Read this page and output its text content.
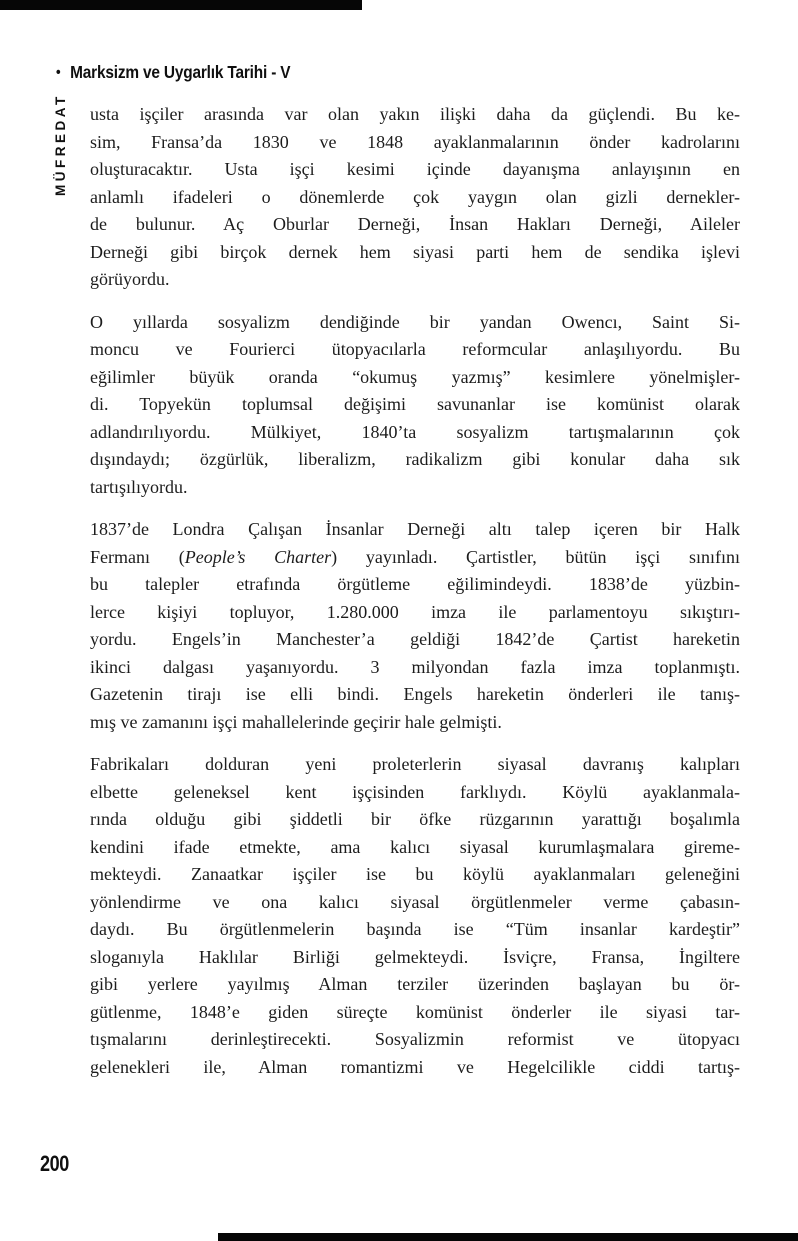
• Marksizm ve Uygarlık Tarihi - V
MÜFREDAT usta işçiler arasında var olan yakın ilişki daha da güçlendi. Bu ke-
sim, Fransa’da 1830 ve 1848 ayaklanmalarının önder kadrolarını
oluşturacaktır. Usta işçi kesimi içinde dayanışma anlayışının en
anlamlı ifadeleri o dönemlerde çok yaygın olan gizli dernekler-
de bulunur. Aç Oburlar Derneği, İnsan Hakları Derneği, Aileler
Derneği gibi birçok dernek hem siyasi parti hem de sendika işlevi
görüyordu.
O yıllarda sosyalizm dendiğinde bir yandan Owencı, Saint Si-
moncu ve Fourierci ütopyacılarla reformcular anlaşılıyordu. Bu
eğilimler büyük oranda “okumuş yazmış” kesimlere yönelmişler-
di. Topyekün toplumsal değişimi savunanlar ise komünist olarak
adlandırılıyordu. Mülkiyet, 1840’ta sosyalizm tartışmalarının çok
dışındaydı; özgürlük, liberalizm, radikalizm gibi konular daha sık
tartışılıyordu.
1837’de Londra Çalışan İnsanlar Derneği altı talep içeren bir Halk
Fermanı (People’s Charter) yayınladı. Çartistler, bütün işçi sınıfını
bu talepler etrafında örgütleme eğilimindeydi. 1838’de yüzbin-
lerce kişiyi topluyor, 1.280.000 imza ile parlamentoyu sıkıştırı-
yordu. Engels’in Manchester’a geldiği 1842’de Çartist hareketin
ikinci dalgası yaşanıyordu. 3 milyondan fazla imza toplanmıştı.
Gazetenin tirajı ise elli bindi. Engels hareketin önderleri ile tanış-
mış ve zamanını işçi mahallelerinde geçirir hale gelmişti.
Fabrikaları dolduran yeni proleterlerin siyasal davranış kalıpları
elbette geleneksel kent işçisinden farklıydı. Köylü ayaklanmala-
rında olduğu gibi şiddetli bir öfke rüzgarının yarattığı boşalımla
kendini ifade etmekte, ama kalıcı siyasal kurumlaşmalara gireme-
mekteydi. Zanaatkar işçiler ise bu köylü ayaklanmaları geleneğini
yönlendirme ve ona kalıcı siyasal örgütlenmeler verme çabasın-
daydı. Bu örgütlenmelerin başında ise “Tüm insanlar kardeştir”
sloganıyla Haklılar Birliği gelmekteydi. İsviçre, Fransa, İngiltere
gibi yerlere yayılmış Alman terziler üzerinden başlayan bu ör-
gütlenme, 1848’e giden süreçte komünist önderler ile siyasi tar-
tışmalarını derinleştirecekti. Sosyalizmin reformist ve ütopyacı
gelenekleri ile, Alman romantizmi ve Hegelcilikle ciddi tartış-
200
